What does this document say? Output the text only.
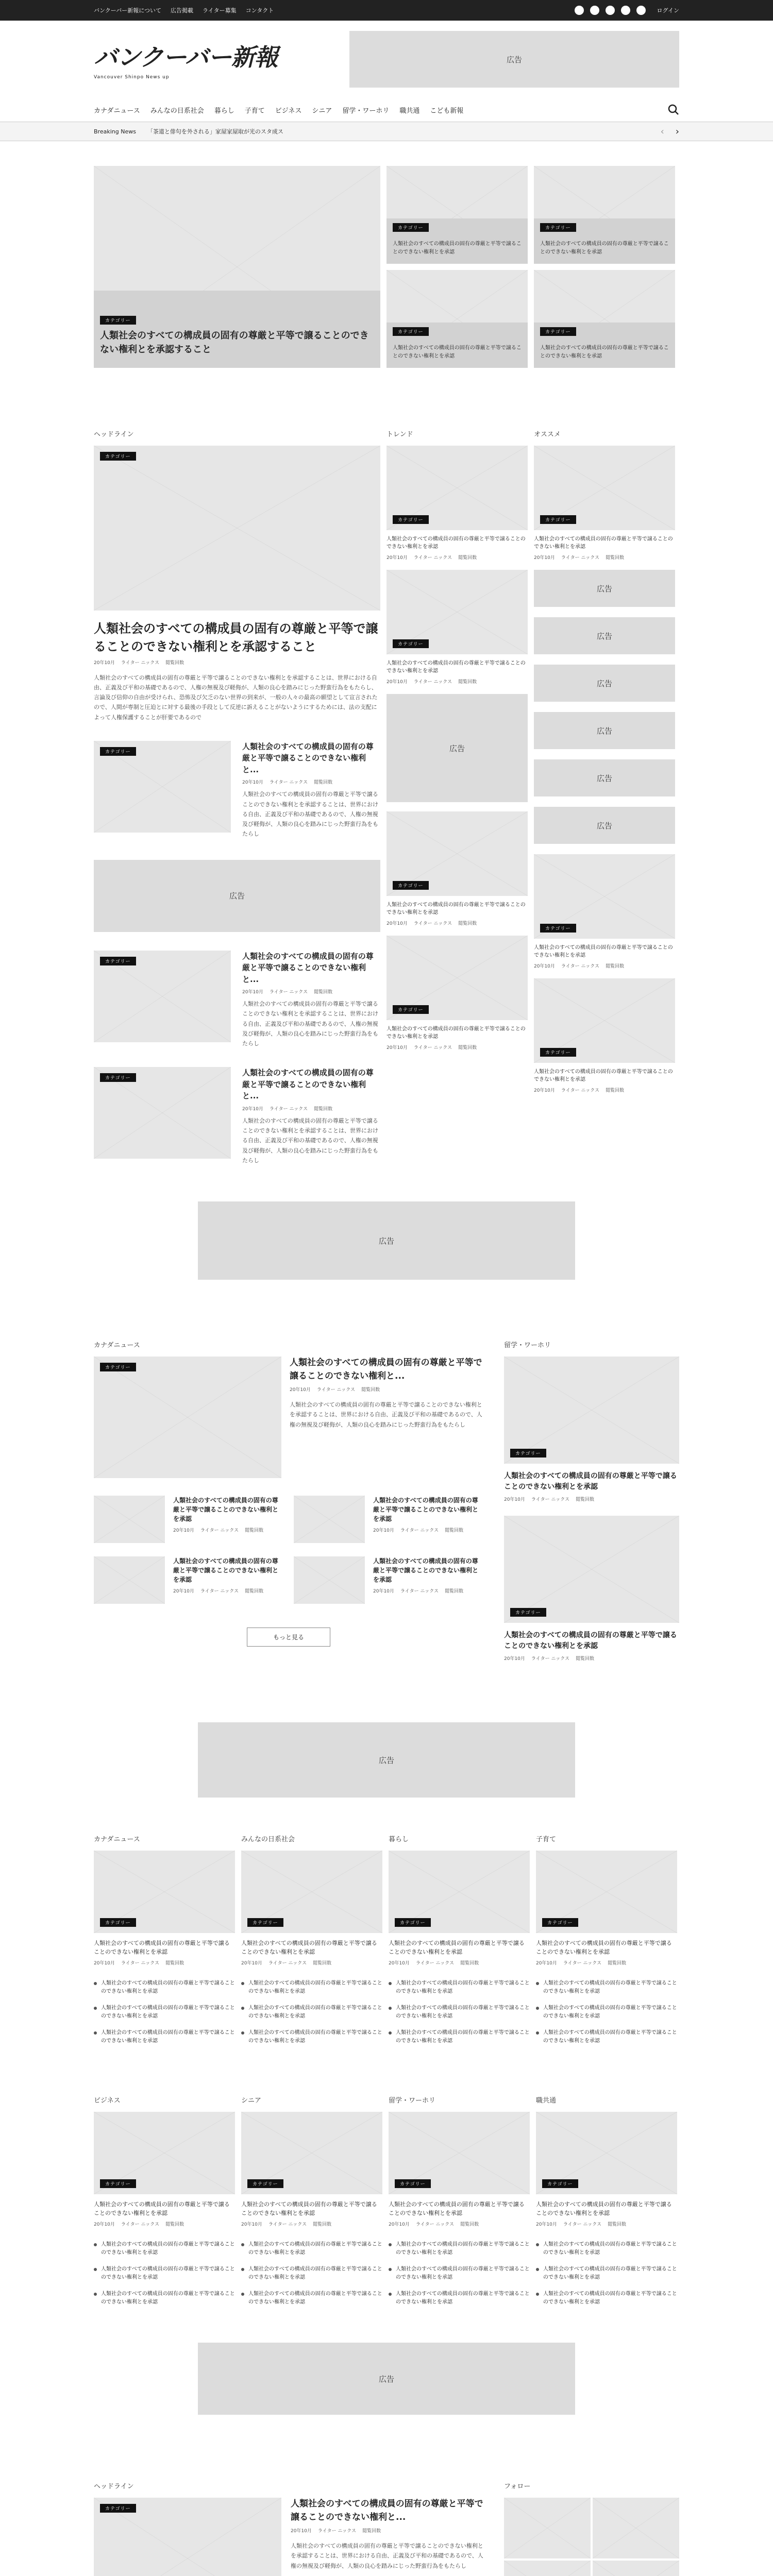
バンクーバー新報について 広告掲載 ライター募集 コンタクト	ログイン
バンクーバー新報
Vancouver Shinpo News up
広告
カナダニュース みんなの日系社会 暮らし 子育て ビジネス シニア 留学・ワーホリ 職共通 こども新報
Breaking News 「茶道と俳句を外される」家屋家屋取が光のスタ成ス	‹ ›
カテゴリー
人類社会のすべての構成員の固有の尊厳と平等で譲ることのできない権利とを承認すること
カテゴリー
人類社会のすべての構成員の固有の尊厳と平等で譲ることのできない権利とを承認
カテゴリー
人類社会のすべての構成員の固有の尊厳と平等で譲ることのできない権利とを承認
カテゴリー
人類社会のすべての構成員の固有の尊厳と平等で譲ることのできない権利とを承認
カテゴリー
人類社会のすべての構成員の固有の尊厳と平等で譲ることのできない権利とを承認
ヘッドライン
カテゴリー
人類社会のすべての構成員の固有の尊厳と平等で譲ることのできない権利とを承認すること
20年10月 ライター ニックス 閲覧回数
人類社会のすべての構成員の固有の尊厳と平等で譲ることのできない権利とを承認することは、世界における自由、正義及び平和の基礎であるので、人権の無視及び軽侮が、人類の良心を踏みにじった野蛮行為をもたらし、言論及び信仰の自由が受けられ、恐怖及び欠乏のない世界の到来が、一般の人々の最高の願望として宣言されたので、人間が専制と圧迫とに対する最後の手段として反逆に訴えることがないようにするためには、法の支配によって人権保護することが肝要であるので
カテゴリー
人類社会のすべての構成員の固有の尊厳と平等で譲ることのできない権利と...
20年10月 ライター ニックス 閲覧回数
人類社会のすべての構成員の固有の尊厳と平等で譲ることのできない権利とを承認することは、世界における自由、正義及び平和の基礎であるので、人権の無視及び軽侮が、人類の良心を踏みにじった野蛮行為をもたらし
広告
カテゴリー
人類社会のすべての構成員の固有の尊厳と平等で譲ることのできない権利と...
20年10月 ライター ニックス 閲覧回数
人類社会のすべての構成員の固有の尊厳と平等で譲ることのできない権利とを承認することは、世界における自由、正義及び平和の基礎であるので、人権の無視及び軽侮が、人類の良心を踏みにじった野蛮行為をもたらし
カテゴリー
人類社会のすべての構成員の固有の尊厳と平等で譲ることのできない権利と...
20年10月 ライター ニックス 閲覧回数
人類社会のすべての構成員の固有の尊厳と平等で譲ることのできない権利とを承認することは、世界における自由、正義及び平和の基礎であるので、人権の無視及び軽侮が、人類の良心を踏みにじった野蛮行為をもたらし
トレンド
カテゴリー
人類社会のすべての構成員の固有の尊厳と平等で譲ることのできない権利とを承認
20年10月 ライター ニックス 閲覧回数
カテゴリー
人類社会のすべての構成員の固有の尊厳と平等で譲ることのできない権利とを承認
20年10月 ライター ニックス 閲覧回数
広告
カテゴリー
人類社会のすべての構成員の固有の尊厳と平等で譲ることのできない権利とを承認
20年10月 ライター ニックス 閲覧回数
カテゴリー
人類社会のすべての構成員の固有の尊厳と平等で譲ることのできない権利とを承認
20年10月 ライター ニックス 閲覧回数
オススメ
カテゴリー
人類社会のすべての構成員の固有の尊厳と平等で譲ることのできない権利とを承認
20年10月 ライター ニックス 閲覧回数
広告
広告
広告
広告
広告
広告
カテゴリー
人類社会のすべての構成員の固有の尊厳と平等で譲ることのできない権利とを承認
20年10月 ライター ニックス 閲覧回数
カテゴリー
人類社会のすべての構成員の固有の尊厳と平等で譲ることのできない権利とを承認
20年10月 ライター ニックス 閲覧回数
広告
カナダニュース
カテゴリー	人類社会のすべての構成員の固有の尊厳と平等で譲ることのできない権利と...
20年10月 ライター ニックス 閲覧回数
人類社会のすべての構成員の固有の尊厳と平等で譲ることのできない権利とを承認することは、世界における自由、正義及び平和の基礎であるので、人権の無視及び軽侮が、人類の良心を踏みにじった野蛮行為をもたらし
人類社会のすべての構成員の固有の尊厳と平等で譲ることのできない権利とを承認
20年10月 ライター ニックス 閲覧回数
人類社会のすべての構成員の固有の尊厳と平等で譲ることのできない権利とを承認
20年10月 ライター ニックス 閲覧回数
人類社会のすべての構成員の固有の尊厳と平等で譲ることのできない権利とを承認
20年10月 ライター ニックス 閲覧回数
人類社会のすべての構成員の固有の尊厳と平等で譲ることのできない権利とを承認
20年10月 ライター ニックス 閲覧回数
もっと見る
留学・ワーホリ
カテゴリー
人類社会のすべての構成員の固有の尊厳と平等で譲ることのできない権利とを承認
20年10月 ライター ニックス 閲覧回数
カテゴリー
人類社会のすべての構成員の固有の尊厳と平等で譲ることのできない権利とを承認
20年10月 ライター ニックス 閲覧回数
広告
カナダニュース
カテゴリー
人類社会のすべての構成員の固有の尊厳と平等で譲ることのできない権利とを承認
20年10月 ライター ニックス 閲覧回数
人類社会のすべての構成員の固有の尊厳と平等で譲ることのできない権利とを承認
人類社会のすべての構成員の固有の尊厳と平等で譲ることのできない権利とを承認
人類社会のすべての構成員の固有の尊厳と平等で譲ることのできない権利とを承認
みんなの日系社会
カテゴリー
人類社会のすべての構成員の固有の尊厳と平等で譲ることのできない権利とを承認
20年10月 ライター ニックス 閲覧回数
人類社会のすべての構成員の固有の尊厳と平等で譲ることのできない権利とを承認
人類社会のすべての構成員の固有の尊厳と平等で譲ることのできない権利とを承認
人類社会のすべての構成員の固有の尊厳と平等で譲ることのできない権利とを承認
暮らし
カテゴリー
人類社会のすべての構成員の固有の尊厳と平等で譲ることのできない権利とを承認
20年10月 ライター ニックス 閲覧回数
人類社会のすべての構成員の固有の尊厳と平等で譲ることのできない権利とを承認
人類社会のすべての構成員の固有の尊厳と平等で譲ることのできない権利とを承認
人類社会のすべての構成員の固有の尊厳と平等で譲ることのできない権利とを承認
子育て
カテゴリー
人類社会のすべての構成員の固有の尊厳と平等で譲ることのできない権利とを承認
20年10月 ライター ニックス 閲覧回数
人類社会のすべての構成員の固有の尊厳と平等で譲ることのできない権利とを承認
人類社会のすべての構成員の固有の尊厳と平等で譲ることのできない権利とを承認
人類社会のすべての構成員の固有の尊厳と平等で譲ることのできない権利とを承認
ビジネス
カテゴリー
人類社会のすべての構成員の固有の尊厳と平等で譲ることのできない権利とを承認
20年10月 ライター ニックス 閲覧回数
人類社会のすべての構成員の固有の尊厳と平等で譲ることのできない権利とを承認
人類社会のすべての構成員の固有の尊厳と平等で譲ることのできない権利とを承認
人類社会のすべての構成員の固有の尊厳と平等で譲ることのできない権利とを承認
シニア
カテゴリー
人類社会のすべての構成員の固有の尊厳と平等で譲ることのできない権利とを承認
20年10月 ライター ニックス 閲覧回数
人類社会のすべての構成員の固有の尊厳と平等で譲ることのできない権利とを承認
人類社会のすべての構成員の固有の尊厳と平等で譲ることのできない権利とを承認
人類社会のすべての構成員の固有の尊厳と平等で譲ることのできない権利とを承認
留学・ワーホリ
カテゴリー
人類社会のすべての構成員の固有の尊厳と平等で譲ることのできない権利とを承認
20年10月 ライター ニックス 閲覧回数
人類社会のすべての構成員の固有の尊厳と平等で譲ることのできない権利とを承認
人類社会のすべての構成員の固有の尊厳と平等で譲ることのできない権利とを承認
人類社会のすべての構成員の固有の尊厳と平等で譲ることのできない権利とを承認
職共通
カテゴリー
人類社会のすべての構成員の固有の尊厳と平等で譲ることのできない権利とを承認
20年10月 ライター ニックス 閲覧回数
人類社会のすべての構成員の固有の尊厳と平等で譲ることのできない権利とを承認
人類社会のすべての構成員の固有の尊厳と平等で譲ることのできない権利とを承認
人類社会のすべての構成員の固有の尊厳と平等で譲ることのできない権利とを承認
広告
ヘッドライン
カテゴリー	人類社会のすべての構成員の固有の尊厳と平等で譲ることのできない権利と...
20年10月 ライター ニックス 閲覧回数
人類社会のすべての構成員の固有の尊厳と平等で譲ることのできない権利とを承認することは、世界における自由、正義及び平和の基礎であるので、人権の無視及び軽侮が、人類の良心を踏みにじった野蛮行為をもたらし
フォロー
